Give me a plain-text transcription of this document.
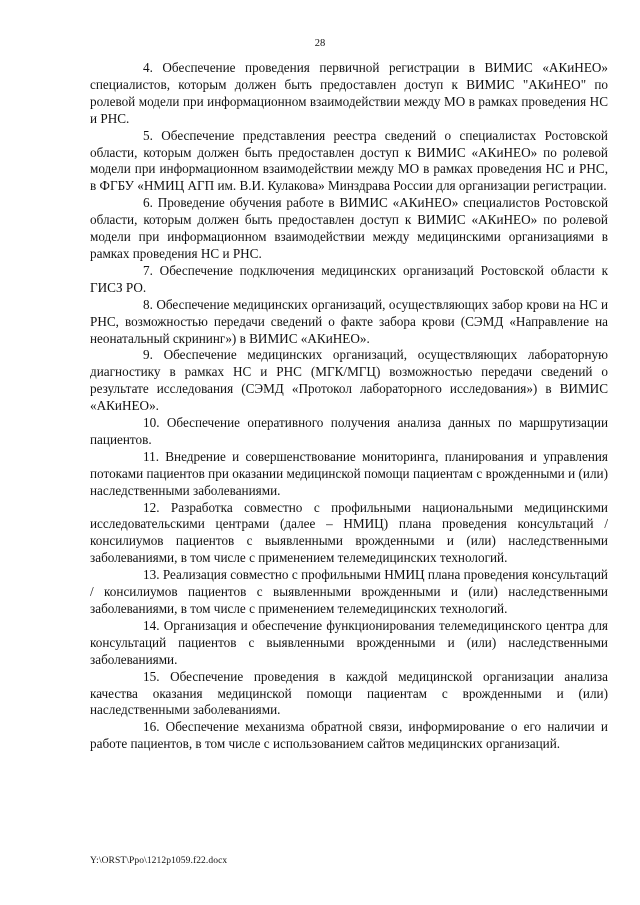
28

4. Обеспечение проведения первичной регистрации в ВИМИС «АКиНЕО» специалистов, которым должен быть предоставлен доступ к ВИМИС "АКиНЕО" по ролевой модели при информационном взаимодействии между МО в рамках проведения НС и РНС.

5. Обеспечение представления реестра сведений о специалистах Ростовской области, которым должен быть предоставлен доступ к ВИМИС «АКиНЕО» по ролевой модели при информационном взаимодействии между МО в рамках проведения НС и РНС, в ФГБУ «НМИЦ АГП им. В.И. Кулакова» Минздрава России для организации регистрации.

6. Проведение обучения работе в ВИМИС «АКиНЕО» специалистов Ростовской области, которым должен быть предоставлен доступ к ВИМИС «АКиНЕО» по ролевой модели при информационном взаимодействии между медицинскими организациями в рамках проведения НС и РНС.

7. Обеспечение подключения медицинских организаций Ростовской области к ГИСЗ РО.

8. Обеспечение медицинских организаций, осуществляющих забор крови на НС и РНС, возможностью передачи сведений о факте забора крови (СЭМД «Направление на неонатальный скрининг») в ВИМИС «АКиНЕО».

9. Обеспечение медицинских организаций, осуществляющих лабораторную диагностику в рамках НС и РНС (МГК/МГЦ) возможностью передачи сведений о результате исследования (СЭМД «Протокол лабораторного исследования») в ВИМИС «АКиНЕО».

10. Обеспечение оперативного получения анализа данных по маршрутизации пациентов.

11. Внедрение и совершенствование мониторинга, планирования и управления потоками пациентов при оказании медицинской помощи пациентам с врожденными и (или) наследственными заболеваниями.

12. Разработка совместно с профильными национальными медицинскими исследовательскими центрами (далее – НМИЦ) плана проведения консультаций / консилиумов пациентов с выявленными врожденными и (или) наследственными заболеваниями, в том числе с применением телемедицинских технологий.

13. Реализация совместно с профильными НМИЦ плана проведения консультаций / консилиумов пациентов с выявленными врожденными и (или) наследственными заболеваниями, в том числе с применением телемедицинских технологий.

14. Организация и обеспечение функционирования телемедицинского центра для консультаций пациентов с выявленными врожденными и (или) наследственными заболеваниями.

15. Обеспечение проведения в каждой медицинской организации анализа качества оказания медицинской помощи пациентам с врожденными и (или) наследственными заболеваниями.

16. Обеспечение механизма обратной связи, информирование о его наличии и работе пациентов, в том числе с использованием сайтов медицинских организаций.

Y:\ORST\Ppo\1212p1059.f22.docx
